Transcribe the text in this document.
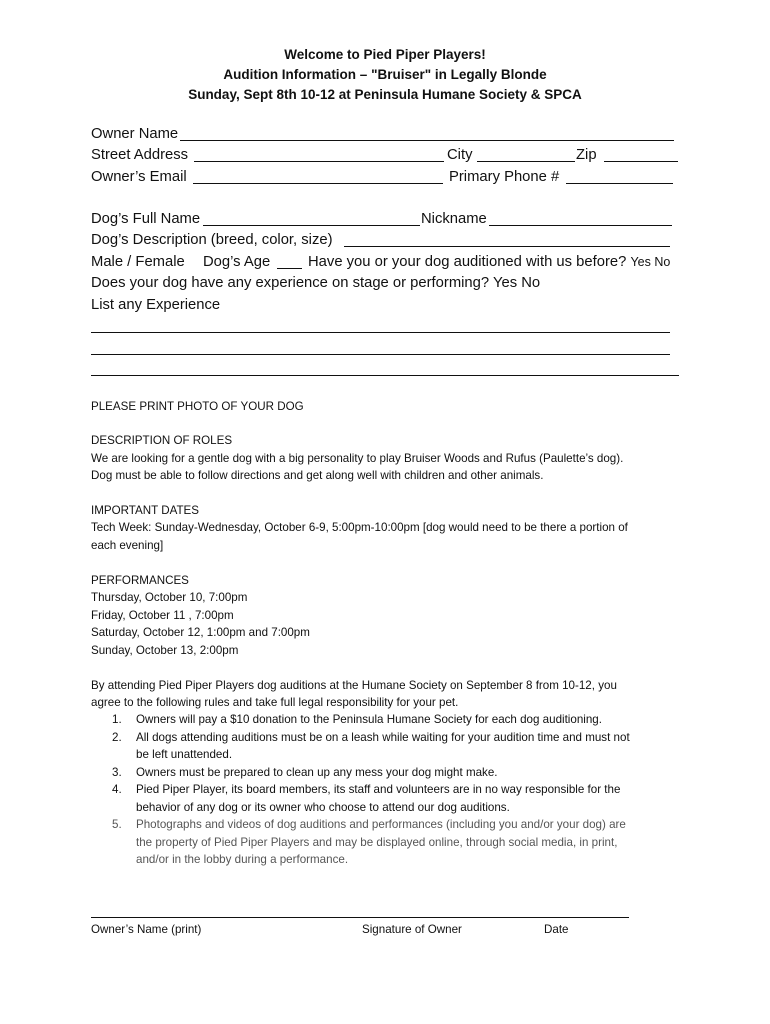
Welcome to Pied Piper Players!
Audition Information – "Bruiser" in Legally Blonde
Sunday, Sept 8th 10-12 at Peninsula Humane Society & SPCA
Owner Name
Street Address	City	Zip
Owner’s Email	Primary Phone #
Dog’s Full Name	Nickname
Dog’s Description (breed, color, size)
Male / Female Dog’s Age	Have you or your dog auditioned with us before? Yes No
Does your dog have any experience on stage or performing? Yes No
List any Experience
PLEASE PRINT PHOTO OF YOUR DOG
DESCRIPTION OF ROLES
We are looking for a gentle dog with a big personality to play Bruiser Woods and Rufus (Paulette’s dog).
Dog must be able to follow directions and get along well with children and other animals.
IMPORTANT DATES
Tech Week: Sunday-Wednesday, October 6-9, 5:00pm-10:00pm [dog would need to be there a portion of
each evening]
PERFORMANCES
Thursday, October 10, 7:00pm
Friday, October 11 , 7:00pm
Saturday, October 12, 1:00pm and 7:00pm
Sunday, October 13, 2:00pm
By attending Pied Piper Players dog auditions at the Humane Society on September 8 from 10-12, you
agree to the following rules and take full legal responsibility for your pet.
1. Owners will pay a $10 donation to the Peninsula Humane Society for each dog auditioning.
2. All dogs attending auditions must be on a leash while waiting for your audition time and must not
be left unattended.
3. Owners must be prepared to clean up any mess your dog might make.
4. Pied Piper Player, its board members, its staff and volunteers are in no way responsible for the
behavior of any dog or its owner who choose to attend our dog auditions.
5. Photographs and videos of dog auditions and performances (including you and/or your dog) are
the property of Pied Piper Players and may be displayed online, through social media, in print,
and/or in the lobby during a performance.
Owner’s Name (print)	Signature of Owner	Date
